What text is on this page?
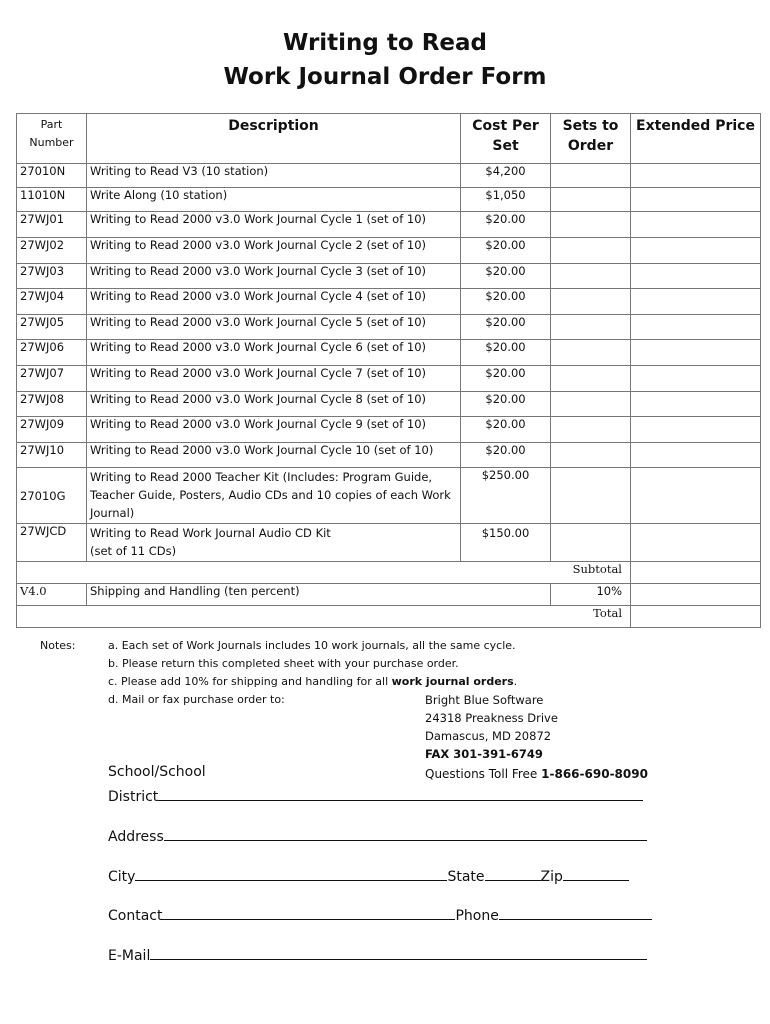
Writing to Read
Work Journal Order Form
Part Number	Description	Cost Per Set	Sets to Order	Extended Price
27010N	Writing to Read V3 (10 station)	$4,200		
11010N	Write Along (10 station)	$1,050		
27WJ01	Writing to Read 2000 v3.0 Work Journal Cycle 1 (set of 10)	$20.00		
27WJ02	Writing to Read 2000 v3.0 Work Journal Cycle 2 (set of 10)	$20.00		
27WJ03	Writing to Read 2000 v3.0 Work Journal Cycle 3 (set of 10)	$20.00		
27WJ04	Writing to Read 2000 v3.0 Work Journal Cycle 4 (set of 10)	$20.00		
27WJ05	Writing to Read 2000 v3.0 Work Journal Cycle 5 (set of 10)	$20.00		
27WJ06	Writing to Read 2000 v3.0 Work Journal Cycle 6 (set of 10)	$20.00		
27WJ07	Writing to Read 2000 v3.0 Work Journal Cycle 7 (set of 10)	$20.00		
27WJ08	Writing to Read 2000 v3.0 Work Journal Cycle 8 (set of 10)	$20.00		
27WJ09	Writing to Read 2000 v3.0 Work Journal Cycle 9 (set of 10)	$20.00		
27WJ10	Writing to Read 2000 v3.0 Work Journal Cycle 10 (set of 10)	$20.00		
27010G	Writing to Read 2000 Teacher Kit (Includes: Program Guide, Teacher Guide, Posters, Audio CDs and 10 copies of each Work Journal)	$250.00		
27WJCD	Writing to Read Work Journal Audio CD Kit
(set of 11 CDs)	$150.00		
Subtotal				
V4.0	Shipping and Handling (ten percent)		10%	
Total				
Notes:	a. Each set of Work Journals includes 10 work journals, all the same cycle.
b. Please return this completed sheet with your purchase order.
c. Please add 10% for shipping and handling for all work journal orders.
d. Mail or fax purchase order to:	Bright Blue Software
24318 Preakness Drive
Damascus, MD 20872
FAX 301-391-6749
Questions Toll Free 1-866-690-8090
School/School
District
Address
City	State	Zip
Contact	Phone
E-Mail
